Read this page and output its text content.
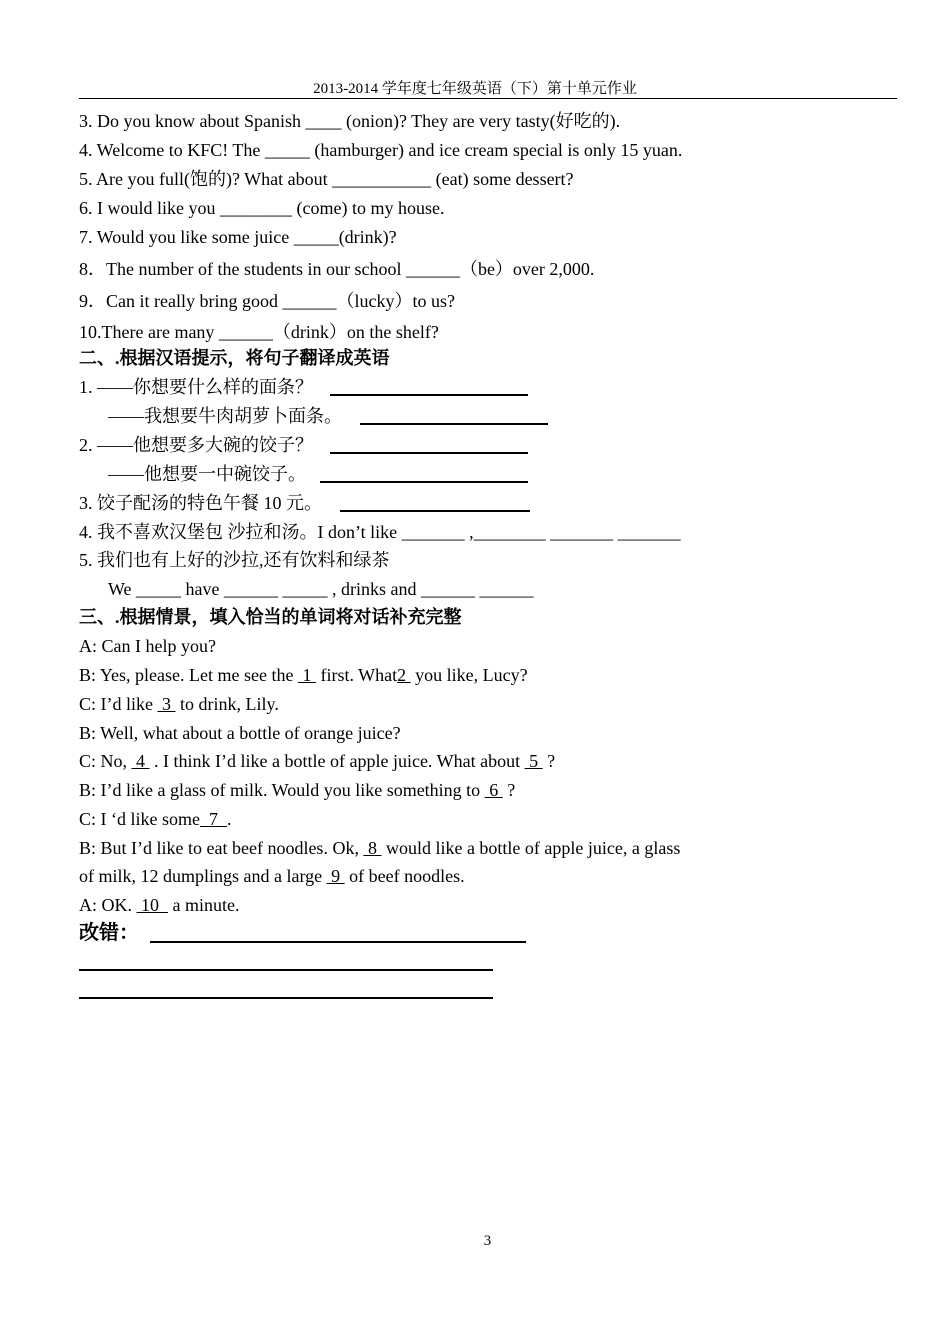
2013-2014 学年度七年级英语（下）第十单元作业
3. Do you know about Spanish ____ (onion)? They are very tasty(好吃的).
4. Welcome to KFC! The _____ (hamburger) and ice cream special is only 15 yuan.
5. Are you full(饱的)? What about ___________ (eat) some dessert?
6. I would like you ________ (come) to my house.
7. Would you like some juice _____(drink)?
8．The number of the students in our school ______（be）over 2,000.
9．Can it really bring good ______（lucky）to us?
10.There are many ______（drink）on the shelf?
二、.根据汉语提示，将句子翻译成英语
1. ——你想要什么样的面条？
——我想要牛肉胡萝卜面条。
2. ——他想要多大碗的饺子？
——他想要一中碗饺子。
3. 饺子配汤的特色午餐 10 元。
4. 我不喜欢汉堡包 沙拉和汤。I don’t like _______ ,________ _______ _______
5. 我们也有上好的沙拉,还有饮料和绿茶
We _____ have ______ _____ , drinks and ______ ______
三、.根据情景，填入恰当的单词将对话补充完整
A: Can I help you?
B: Yes, please. Let me see the  1  first. What2  you like, Lucy?
C: I’d like  3  to drink, Lily.
B: Well, what about a bottle of orange juice?
C: No,  4  . I think I’d like a bottle of apple juice. What about  5  ?
B: I’d like a glass of milk. Would you like something to  6  ?
C: I ‘d like some  7  .
B: But I’d like to eat beef noodles. Ok,  8  would like a bottle of apple juice, a glass
of milk, 12 dumplings and a large  9  of beef noodles.
A: OK.  10   a minute.
改错：
3
